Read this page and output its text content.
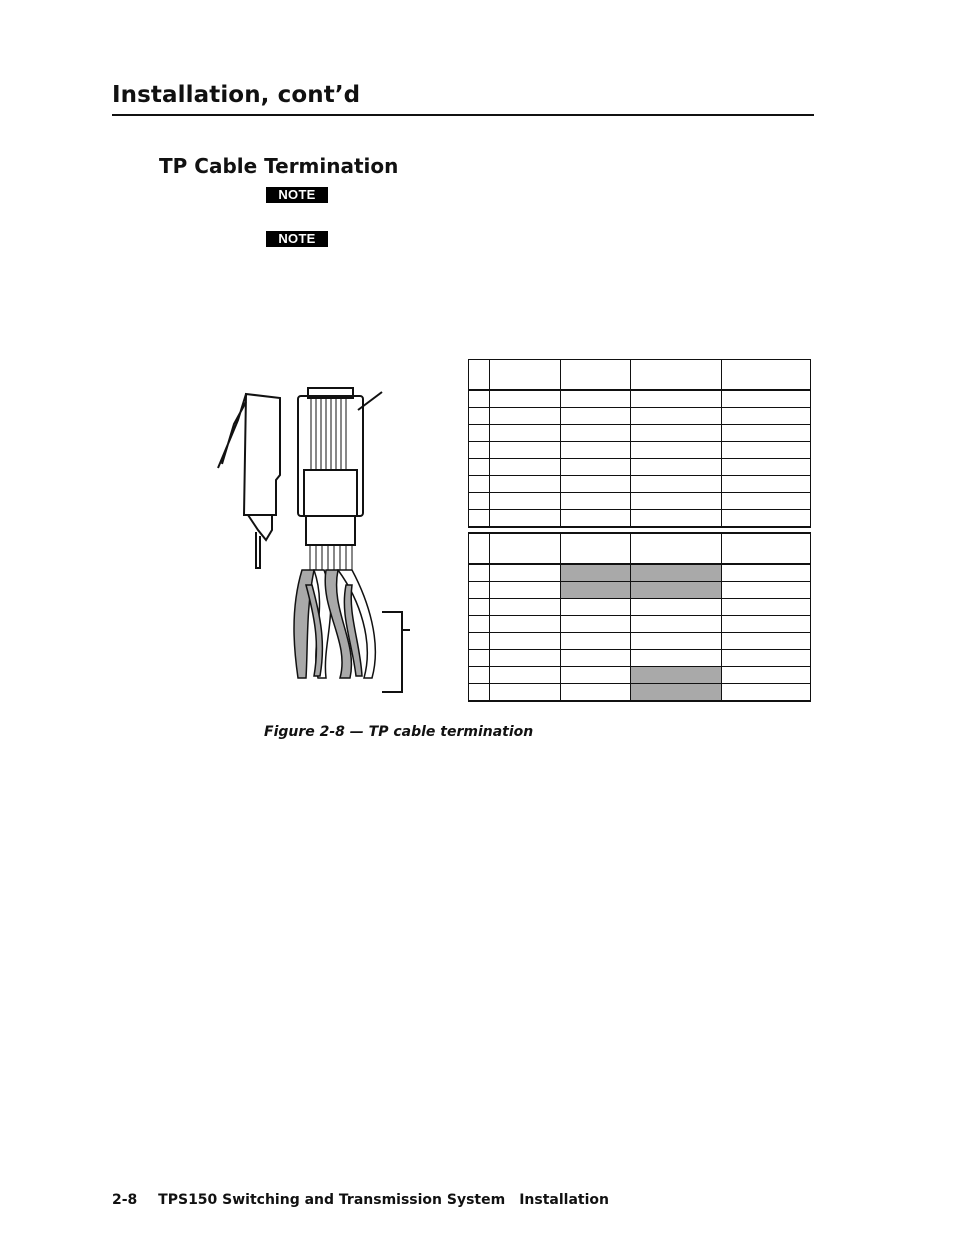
Installation, cont’d
TP Cable Termination
NOTE
NOTE

Figure 2-8 — TP cable termination
2-8 TPS150 Switching and Transmission System Installation
